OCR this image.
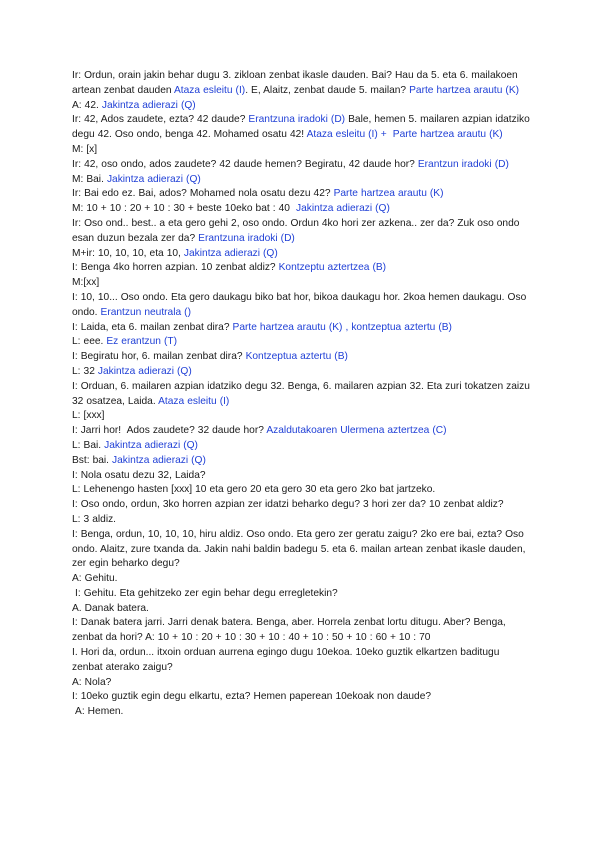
Ir: Ordun, orain jakin behar dugu 3. zikloan zenbat ikasle dauden. Bai? Hau da 5. eta 6. mailakoen artean zenbat dauden Ataza esleitu (I). E, Alaitz, zenbat daude 5. mailan? Parte hartzea arautu (K)
A: 42. Jakintza adierazi (Q)
Ir: 42, Ados zaudete, ezta? 42 daude? Erantzuna iradoki (D) Bale, hemen 5. mailaren azpian idatziko degu 42. Oso ondo, benga 42. Mohamed osatu 42! Ataza esleitu (I) +  Parte hartzea arautu (K)
M: [x]
Ir: 42, oso ondo, ados zaudete? 42 daude hemen? Begiratu, 42 daude hor? Erantzun iradoki (D)
M: Bai. Jakintza adierazi (Q)
Ir: Bai edo ez. Bai, ados? Mohamed nola osatu dezu 42? Parte hartzea arautu (K)
M: 10 + 10 : 20 + 10 : 30 + beste 10eko bat : 40  Jakintza adierazi (Q)
Ir: Oso ond.. best.. a eta gero gehi 2, oso ondo. Ordun 4ko hori zer azkena.. zer da? Zuk oso ondo esan duzun bezala zer da? Erantzuna iradoki (D)
M+ir: 10, 10, 10, eta 10, Jakintza adierazi (Q)
I: Benga 4ko horren azpian. 10 zenbat aldiz? Kontzeptu aztertzea (B)
M:[xx]
I: 10, 10... Oso ondo. Eta gero daukagu biko bat hor, bikoa daukagu hor. 2koa hemen daukagu. Oso ondo. Erantzun neutrala ()
I: Laida, eta 6. mailan zenbat dira? Parte hartzea arautu (K) , kontzeptua aztertu (B)
L: eee. Ez erantzun (T)
I: Begiratu hor, 6. mailan zenbat dira? Kontzeptua aztertu (B)
L: 32 Jakintza adierazi (Q)
I: Orduan, 6. mailaren azpian idatziko degu 32. Benga, 6. mailaren azpian 32. Eta zuri tokatzen zaizu 32 osatzea, Laida. Ataza esleitu (I)
L: [xxx]
I: Jarri hor!  Ados zaudete? 32 daude hor? Azaldutakoaren Ulermena aztertzea (C)
L: Bai. Jakintza adierazi (Q)
Bst: bai. Jakintza adierazi (Q)
I: Nola osatu dezu 32, Laida?
L: Lehenengo hasten [xxx] 10 eta gero 20 eta gero 30 eta gero 2ko bat jartzeko.
I: Oso ondo, ordun, 3ko horren azpian zer idatzi beharko degu? 3 hori zer da? 10 zenbat aldiz?
L: 3 aldiz.
I: Benga, ordun, 10, 10, 10, hiru aldiz. Oso ondo. Eta gero zer geratu zaigu? 2ko ere bai, ezta? Oso ondo. Alaitz, zure txanda da. Jakin nahi baldin badegu 5. eta 6. mailan artean zenbat ikasle dauden, zer egin beharko degu?
A: Gehitu.
I: Gehitu. Eta gehitzeko zer egin behar degu erregletekin?
A. Danak batera.
I: Danak batera jarri. Jarri denak batera. Benga, aber. Horrela zenbat lortu ditugu. Aber? Benga, zenbat da hori? A: 10 + 10 : 20 + 10 : 30 + 10 : 40 + 10 : 50 + 10 : 60 + 10 : 70
I. Hori da, ordun... itxoin orduan aurrena egingo dugu 10ekoa. 10eko guztik elkartzen baditugu zenbat aterako zaigu?
A: Nola?
I: 10eko guztik egin degu elkartu, ezta? Hemen paperean 10ekoak non daude?
A: Hemen.
